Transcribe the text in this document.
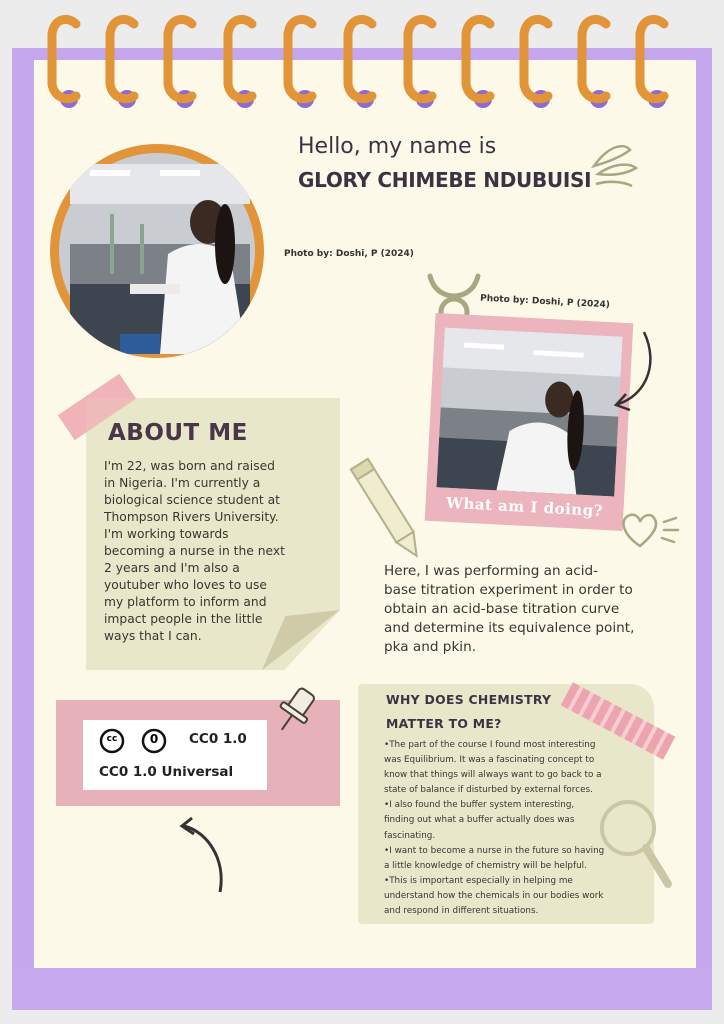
Hello, my name is
GLORY CHIMEBE NDUBUISI
Photo by: Doshi, P (2024)
Photo by: Doshi, P (2024)
What am I doing?
ABOUT ME
I'm 22, was born and raised
in Nigeria. I'm currently a
biological science student at
Thompson Rivers University.
I'm working towards
becoming a nurse in the next
2 years and I'm also a
youtuber who loves to use
my platform to inform and
impact people in the little
ways that I can.
Here, I was performing an acid-
base titration experiment in order to
obtain an acid-base titration curve
and determine its equivalence point,
pka and pkin.
cc	0	CC0 1.0
CC0 1.0 Universal
WHY DOES CHEMISTRY
MATTER TO ME?

•The part of the course I found most interesting

was Equilibrium. It was a fascinating concept to

know that things will always want to go back to a

state of balance if disturbed by external forces.

•I also found the buffer system interesting,

finding out what a buffer actually does was

fascinating.

•I want to become a nurse in the future so having

a little knowledge of chemistry will be helpful.

•This is important especially in helping me

understand how the chemicals in our bodies work

and respond in different situations.
